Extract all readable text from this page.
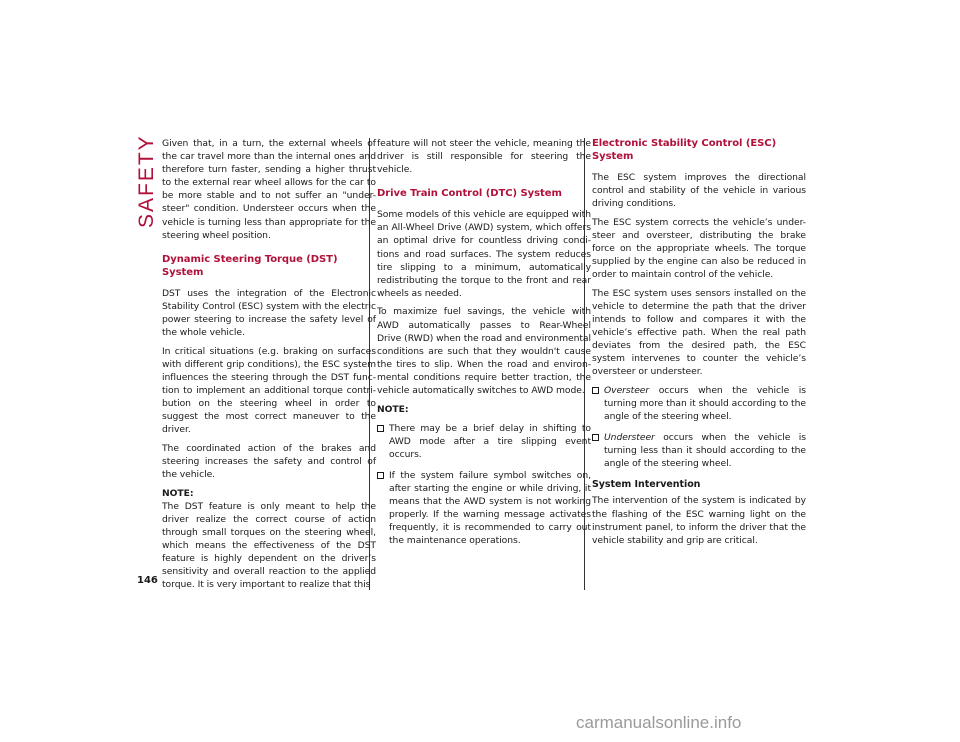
SAFETY
146

Given that, in a turn, the external wheels of the car travel more than the internal ones and therefore turn faster, sending a higher thrust to the external rear wheel allows for the car to be more stable and to not suffer an "under-steer" condition. Understeer occurs when the vehicle is turning less than appropriate for the steering wheel position.

Dynamic Steering Torque (DST) System

DST uses the integration of the Electronic Stability Control (ESC) system with the electric power steering to increase the safety level of the whole vehicle.

In critical situations (e.g. braking on surfaces with different grip conditions), the ESC system influences the steering through the DST func-tion to implement an additional torque contri-bution on the steering wheel in order to suggest the most correct maneuver to the driver.

The coordinated action of the brakes and steering increases the safety and control of the vehicle.

NOTE:

The DST feature is only meant to help the driver realize the correct course of action through small torques on the steering wheel, which means the effectiveness of the DST feature is highly dependent on the driver’s sensitivity and overall reaction to the applied torque. It is very important to realize that this

feature will not steer the vehicle, meaning the driver is still responsible for steering the vehicle.

Drive Train Control (DTC) System

Some models of this vehicle are equipped with an All-Wheel Drive (AWD) system, which offers an optimal drive for countless driving condi-tions and road surfaces. The system reduces tire slipping to a minimum, automatically redistributing the torque to the front and rear wheels as needed.

To maximize fuel savings, the vehicle with AWD automatically passes to Rear-Wheel Drive (RWD) when the road and environmental conditions are such that they wouldn't cause the tires to slip. When the road and environ-mental conditions require better traction, the vehicle automatically switches to AWD mode.

NOTE:

There may be a brief delay in shifting to AWD mode after a tire slipping event occurs.

If the system failure symbol switches on, after starting the engine or while driving, it means that the AWD system is not working properly. If the warning message activates frequently, it is recommended to carry out the maintenance operations.

Electronic Stability Control (ESC) System

The ESC system improves the directional control and stability of the vehicle in various driving conditions.

The ESC system corrects the vehicle’s under-steer and oversteer, distributing the brake force on the appropriate wheels. The torque supplied by the engine can also be reduced in order to maintain control of the vehicle.

The ESC system uses sensors installed on the vehicle to determine the path that the driver intends to follow and compares it with the vehicle’s effective path. When the real path deviates from the desired path, the ESC system intervenes to counter the vehicle’s oversteer or understeer.

Oversteer occurs when the vehicle is turning more than it should according to the angle of the steering wheel.

Understeer occurs when the vehicle is turning less than it should according to the angle of the steering wheel.

System Intervention

The intervention of the system is indicated by the flashing of the ESC warning light on the instrument panel, to inform the driver that the vehicle stability and grip are critical.

carmanualsonline.info
